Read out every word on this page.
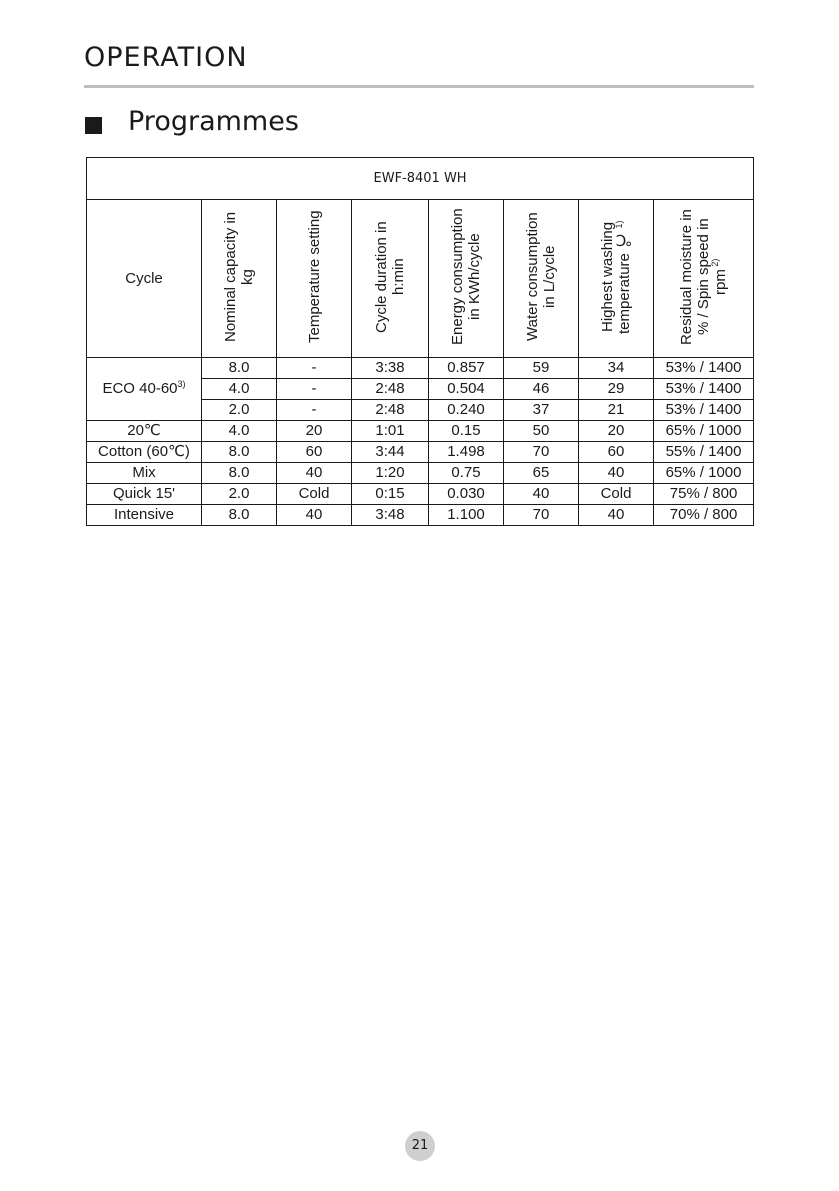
OPERATION
Programmes
EWF-8401 WH							
Cycle	Nominal capacity in kg	Temperature setting	Cycle duration in h:min	Energy consumption in KWh/cycle	Water consumption in L/cycle	Highest washing temperature ℃ $^{1)}$	Residual moisture in % / Spin speed in rpm $^{2)}$

ECO 40-60$^{3)}$	8.0	-	3:38	0.857	59	34	53% / 1400
	4.0	-	2:48	0.504	46	29	53% / 1400
	2.0	-	2:48	0.240	37	21	53% / 1400
20℃	4.0	20	1:01	0.15	50	20	65% / 1000
Cotton (60℃)	8.0	60	3:44	1.498	70	60	55% / 1400
Mix	8.0	40	1:20	0.75	65	40	65% / 1000
Quick 15'	2.0	Cold	0:15	0.030	40	Cold	75% / 800
Intensive	8.0	40	3:48	1.100	70	40	70% / 800
21
